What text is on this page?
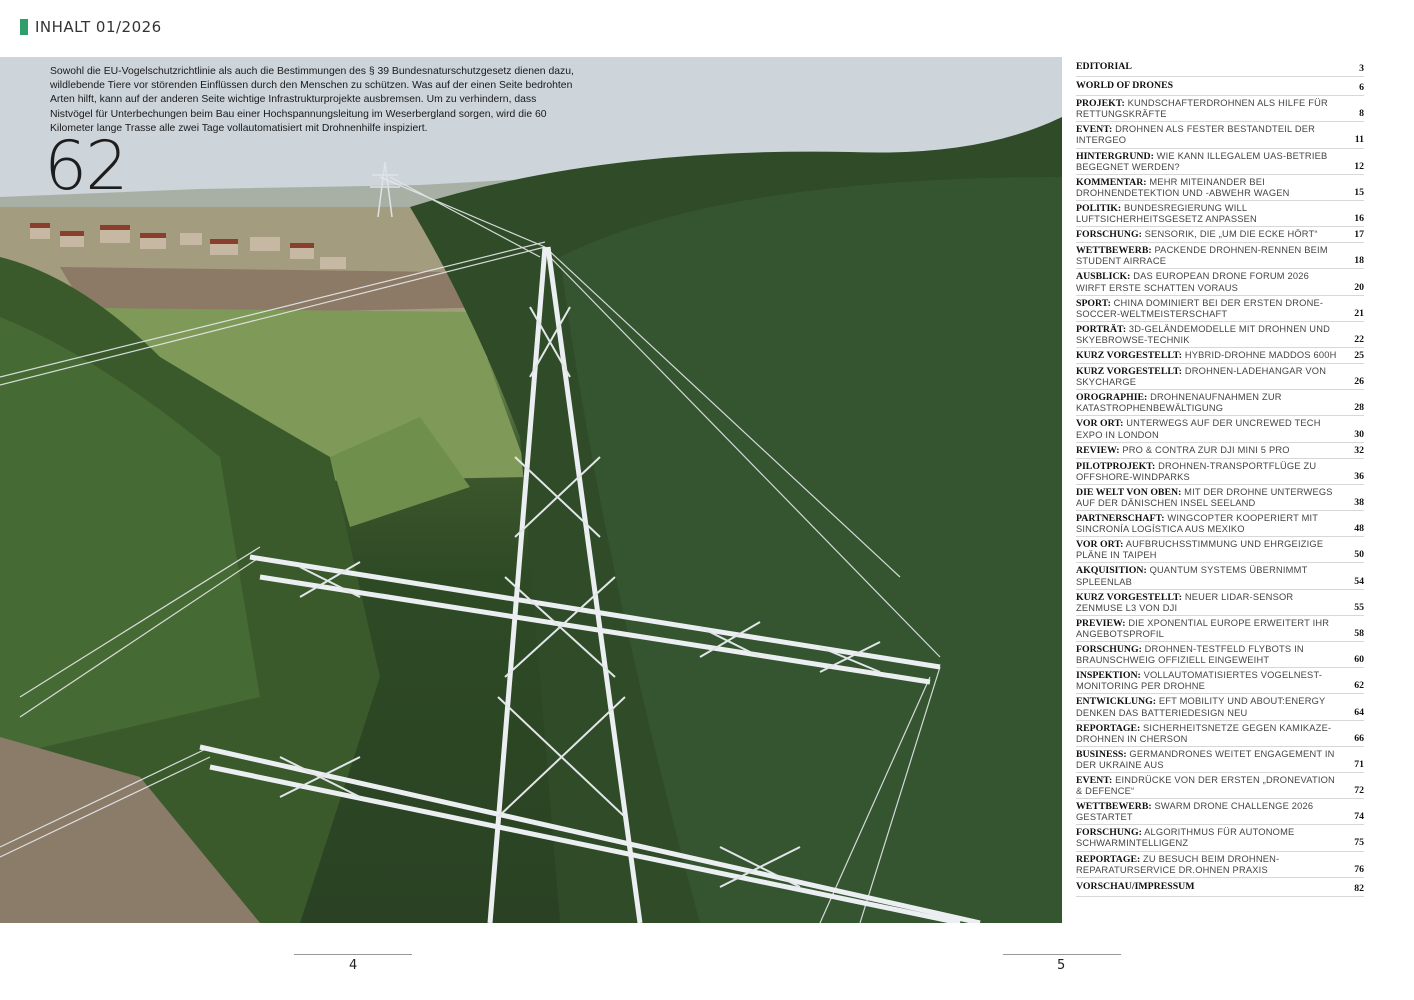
INHALT 01/2026
Sowohl die EU-Vogelschutzrichtlinie als auch die Bestimmungen des § 39 Bundesnaturschutzgesetz dienen dazu, wildlebende Tiere vor störenden Einflüssen durch den Menschen zu schützen. Was auf der einen Seite bedrohten Arten hilft, kann auf der anderen Seite wichtige Infrastrukturprojekte ausbremsen. Um zu verhindern, dass Nistvögel für Unterbechungen beim Bau einer Hochspannungsleitung im Weserbergland sorgen, wird die 60 Kilometer lange Trasse alle zwei Tage vollautomatisiert mit Drohnenhilfe inspiziert.
62
EDITORIAL	3
WORLD OF DRONES	6
PROJEKT: KUNDSCHAFTERDROHNEN ALS HILFE FÜR RETTUNGSKRÄFTE	8
EVENT: DROHNEN ALS FESTER BESTANDTEIL DER INTERGEO	11
HINTERGRUND: WIE KANN ILLEGALEM UAS-BETRIEB BEGEGNET WERDEN?	12
KOMMENTAR: MEHR MITEINANDER BEI DROHNENDETEKTION UND -ABWEHR WAGEN	15
POLITIK: BUNDESREGIERUNG WILL LUFTSICHERHEITSGESETZ ANPASSEN	16
FORSCHUNG: SENSORIK, DIE „UM DIE ECKE HÖRT“	17
WETTBEWERB: PACKENDE DROHNEN-RENNEN BEIM STUDENT AIRRACE	18
AUSBLICK: DAS EUROPEAN DRONE FORUM 2026 WIRFT ERSTE SCHATTEN VORAUS	20
SPORT: CHINA DOMINIERT BEI DER ERSTEN DRONE-SOCCER-WELTMEISTERSCHAFT	21
PORTRÄT: 3D-GELÄNDEMODELLE MIT DROHNEN UND SKYEBROWSE-TECHNIK	22
KURZ VORGESTELLT: HYBRID-DROHNE MADDOS 600H	25
KURZ VORGESTELLT: DROHNEN-LADEHANGAR VON SKYCHARGE	26
OROGRAPHIE: DROHNENAUFNAHMEN ZUR KATASTROPHENBEWÄLTIGUNG	28
VOR ORT: UNTERWEGS AUF DER UNCREWED TECH EXPO IN LONDON	30
REVIEW: PRO & CONTRA ZUR DJI MINI 5 PRO	32
PILOTPROJEKT: DROHNEN-TRANSPORTFLÜGE ZU OFFSHORE-WINDPARKS	36
DIE WELT VON OBEN: MIT DER DROHNE UNTERWEGS AUF DER DÄNISCHEN INSEL SEELAND	38
PARTNERSCHAFT: WINGCOPTER KOOPERIERT MIT SINCRONÍA LOGÍSTICA AUS MEXIKO	48
VOR ORT: AUFBRUCHSSTIMMUNG UND EHRGEIZIGE PLÄNE IN TAIPEH	50
AKQUISITION: QUANTUM SYSTEMS ÜBERNIMMT SPLEENLAB	54
KURZ VORGESTELLT: NEUER LIDAR-SENSOR ZENMUSE L3 VON DJI	55
PREVIEW: DIE XPONENTIAL EUROPE ERWEITERT IHR ANGEBOTSPROFIL	58
FORSCHUNG: DROHNEN-TESTFELD FLYBOTS IN BRAUNSCHWEIG OFFIZIELL EINGEWEIHT	60
INSPEKTION: VOLLAUTOMATISIERTES VOGELNEST-MONITORING PER DROHNE	62
ENTWICKLUNG: EFT MOBILITY UND ABOUT:ENERGY DENKEN DAS BATTERIEDESIGN NEU	64
REPORTAGE: SICHERHEITSNETZE GEGEN KAMIKAZE-DROHNEN IN CHERSON	66
BUSINESS: GERMANDRONES WEITET ENGAGEMENT IN DER UKRAINE AUS	71
EVENT: EINDRÜCKE VON DER ERSTEN „DRONEVATION & DEFENCE“	72
WETTBEWERB: SWARM DRONE CHALLENGE 2026 GESTARTET	74
FORSCHUNG: ALGORITHMUS FÜR AUTONOME SCHWARMINTELLIGENZ	75
REPORTAGE: ZU BESUCH BEIM DROHNEN-REPARATURSERVICE DR.OHNEN PRAXIS	76
VORSCHAU/IMPRESSUM	82
4	5
